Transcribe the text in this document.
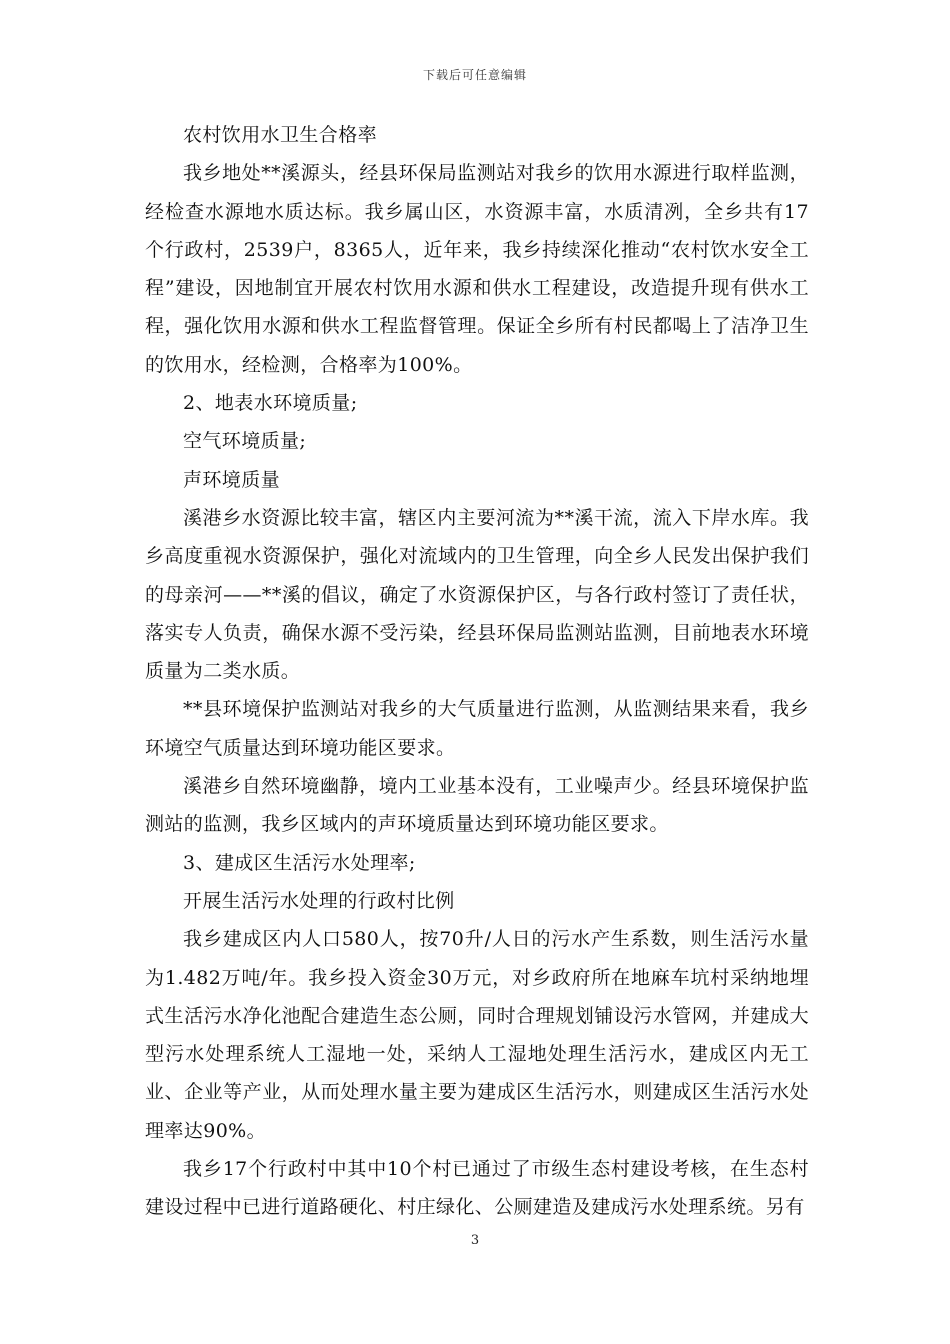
下载后可任意编辑

农村饮用水卫生合格率

我乡地处**溪源头，经县环保局监测站对我乡的饮用水源进行取样监测，经检查水源地水质达标。我乡属山区，水资源丰富，水质清冽，全乡共有17个行政村，2539户，8365人，近年来，我乡持续深化推动“农村饮水安全工程”建设，因地制宜开展农村饮用水源和供水工程建设，改造提升现有供水工程，强化饮用水源和供水工程监督管理。保证全乡所有村民都喝上了洁净卫生的饮用水，经检测，合格率为100%。

2、地表水环境质量;

空气环境质量;

声环境质量

溪港乡水资源比较丰富，辖区内主要河流为**溪干流，流入下岸水库。我乡高度重视水资源保护，强化对流域内的卫生管理，向全乡人民发出保护我们的母亲河——**溪的倡议，确定了水资源保护区，与各行政村签订了责任状，落实专人负责，确保水源不受污染，经县环保局监测站监测，目前地表水环境质量为二类水质。

**县环境保护监测站对我乡的大气质量进行监测，从监测结果来看，我乡环境空气质量达到环境功能区要求。

溪港乡自然环境幽静，境内工业基本没有，工业噪声少。经县环境保护监测站的监测，我乡区域内的声环境质量达到环境功能区要求。

3、建成区生活污水处理率;

开展生活污水处理的行政村比例

我乡建成区内人口580人，按70升/人日的污水产生系数，则生活污水量为1.482万吨/年。我乡投入资金30万元，对乡政府所在地麻车坑村采纳地埋式生活污水净化池配合建造生态公厕，同时合理规划铺设污水管网，并建成大型污水处理系统人工湿地一处，采纳人工湿地处理生活污水，建成区内无工业、企业等产业，从而处理水量主要为建成区生活污水，则建成区生活污水处理率达90%。

我乡17个行政村中其中10个村已通过了市级生态村建设考核，在生态村建设过程中已进行道路硬化、村庄绿化、公厕建造及建成污水处理系统。另有

3
